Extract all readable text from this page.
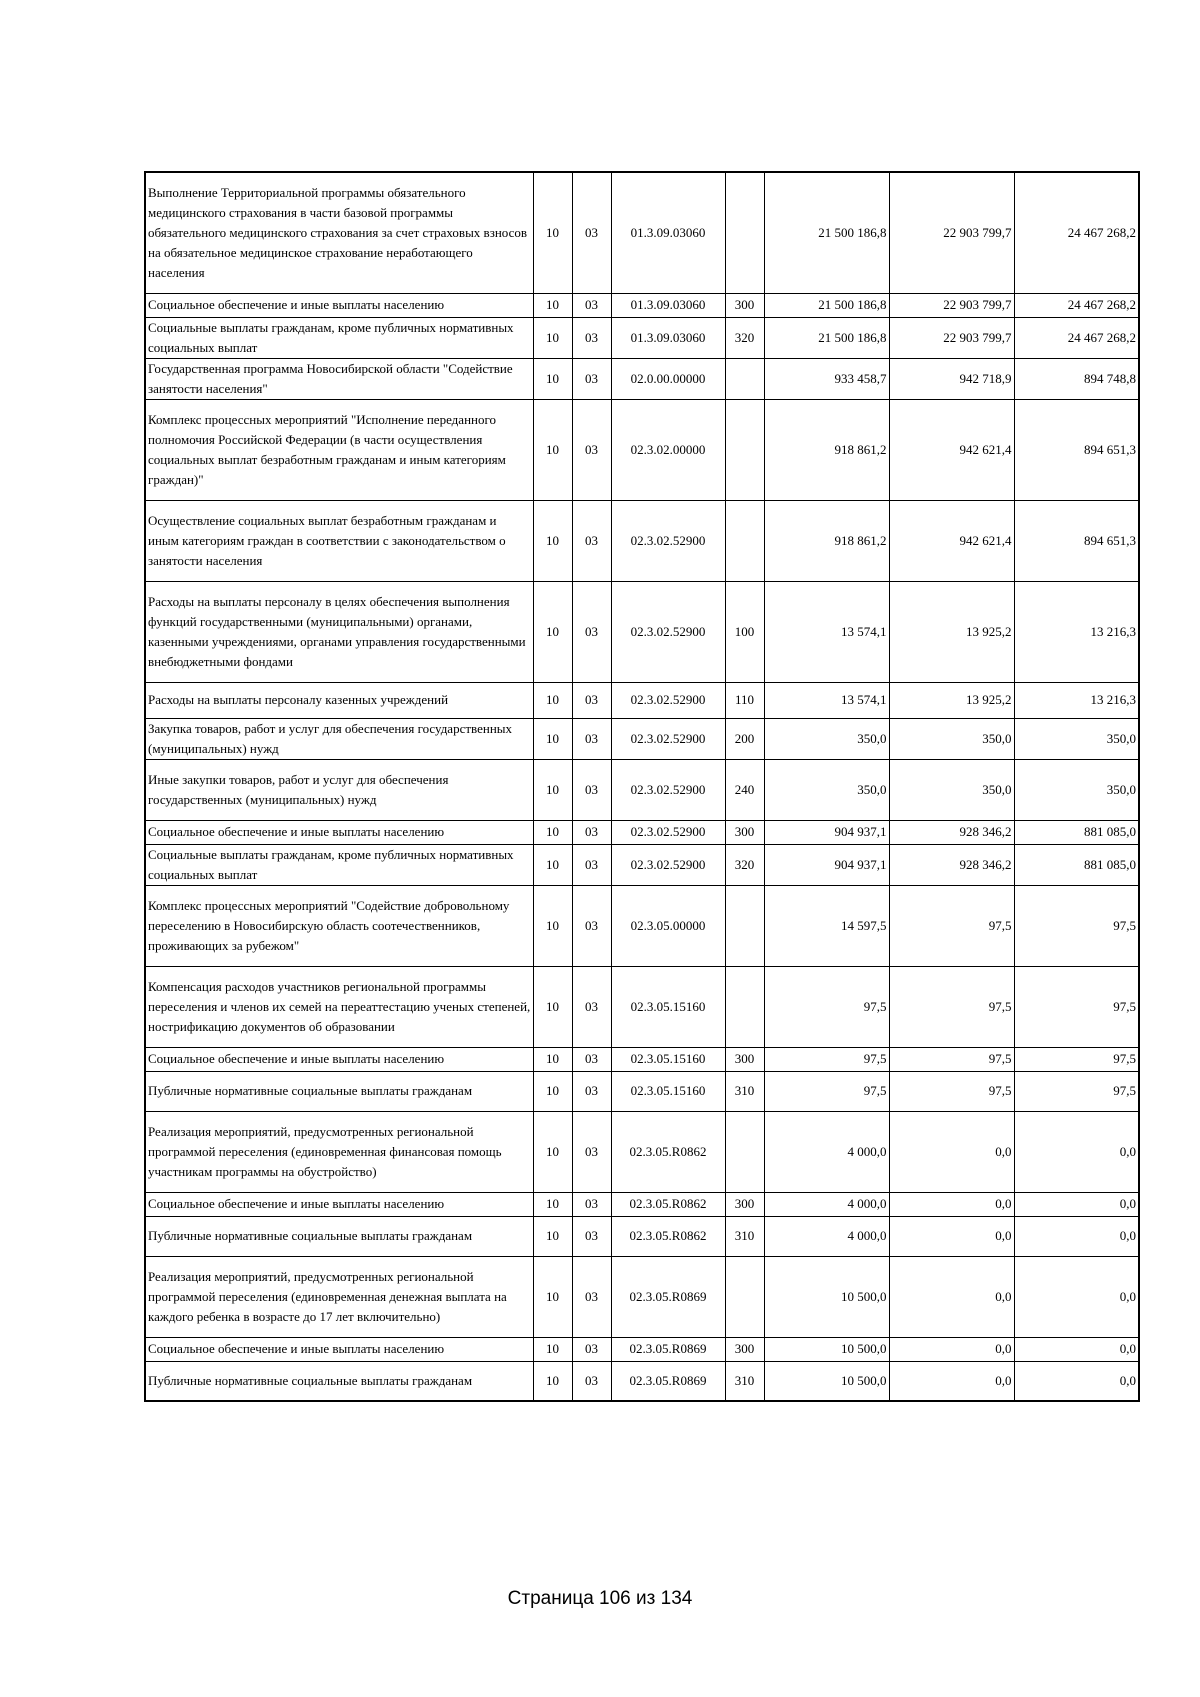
Выполнение Территориальной программы обязательного медицинского страхования в части базовой программы обязательного медицинского страхования за счет страховых взносов на обязательное медицинское страхование неработающего населения	10	03	01.3.09.03060		21 500 186,8	22 903 799,7	24 467 268,2
Социальное обеспечение и иные выплаты населению	10	03	01.3.09.03060	300	21 500 186,8	22 903 799,7	24 467 268,2
Социальные выплаты гражданам, кроме публичных нормативных социальных выплат	10	03	01.3.09.03060	320	21 500 186,8	22 903 799,7	24 467 268,2
Государственная программа Новосибирской области "Содействие занятости населения"	10	03	02.0.00.00000		933 458,7	942 718,9	894 748,8
Комплекс процессных мероприятий "Исполнение переданного полномочия Российской Федерации (в части осуществления социальных выплат безработным гражданам и иным категориям граждан)"	10	03	02.3.02.00000		918 861,2	942 621,4	894 651,3
Осуществление социальных выплат безработным гражданам и иным категориям граждан в соответствии с законодательством о занятости населения	10	03	02.3.02.52900		918 861,2	942 621,4	894 651,3
Расходы на выплаты персоналу в целях обеспечения выполнения функций государственными (муниципальными) органами, казенными учреждениями, органами управления государственными внебюджетными фондами	10	03	02.3.02.52900	100	13 574,1	13 925,2	13 216,3
Расходы на выплаты персоналу казенных учреждений	10	03	02.3.02.52900	110	13 574,1	13 925,2	13 216,3
Закупка товаров, работ и услуг для обеспечения государственных (муниципальных) нужд	10	03	02.3.02.52900	200	350,0	350,0	350,0
Иные закупки товаров, работ и услуг для обеспечения государственных (муниципальных) нужд	10	03	02.3.02.52900	240	350,0	350,0	350,0
Социальное обеспечение и иные выплаты населению	10	03	02.3.02.52900	300	904 937,1	928 346,2	881 085,0
Социальные выплаты гражданам, кроме публичных нормативных социальных выплат	10	03	02.3.02.52900	320	904 937,1	928 346,2	881 085,0
Комплекс процессных мероприятий "Содействие добровольному переселению в Новосибирскую область соотечественников, проживающих за рубежом"	10	03	02.3.05.00000		14 597,5	97,5	97,5
Компенсация расходов участников региональной программы переселения и членов их семей на переаттестацию ученых степеней, нострификацию документов об образовании	10	03	02.3.05.15160		97,5	97,5	97,5
Социальное обеспечение и иные выплаты населению	10	03	02.3.05.15160	300	97,5	97,5	97,5
Публичные нормативные социальные выплаты гражданам	10	03	02.3.05.15160	310	97,5	97,5	97,5
Реализация мероприятий, предусмотренных региональной программой переселения (единовременная финансовая помощь участникам программы на обустройство)	10	03	02.3.05.R0862		4 000,0	0,0	0,0
Социальное обеспечение и иные выплаты населению	10	03	02.3.05.R0862	300	4 000,0	0,0	0,0
Публичные нормативные социальные выплаты гражданам	10	03	02.3.05.R0862	310	4 000,0	0,0	0,0
Реализация мероприятий, предусмотренных региональной программой переселения (единовременная денежная выплата на каждого ребенка в возрасте до 17 лет включительно)	10	03	02.3.05.R0869		10 500,0	0,0	0,0
Социальное обеспечение и иные выплаты населению	10	03	02.3.05.R0869	300	10 500,0	0,0	0,0
Публичные нормативные социальные выплаты гражданам	10	03	02.3.05.R0869	310	10 500,0	0,0	0,0
Страница 106 из 134
